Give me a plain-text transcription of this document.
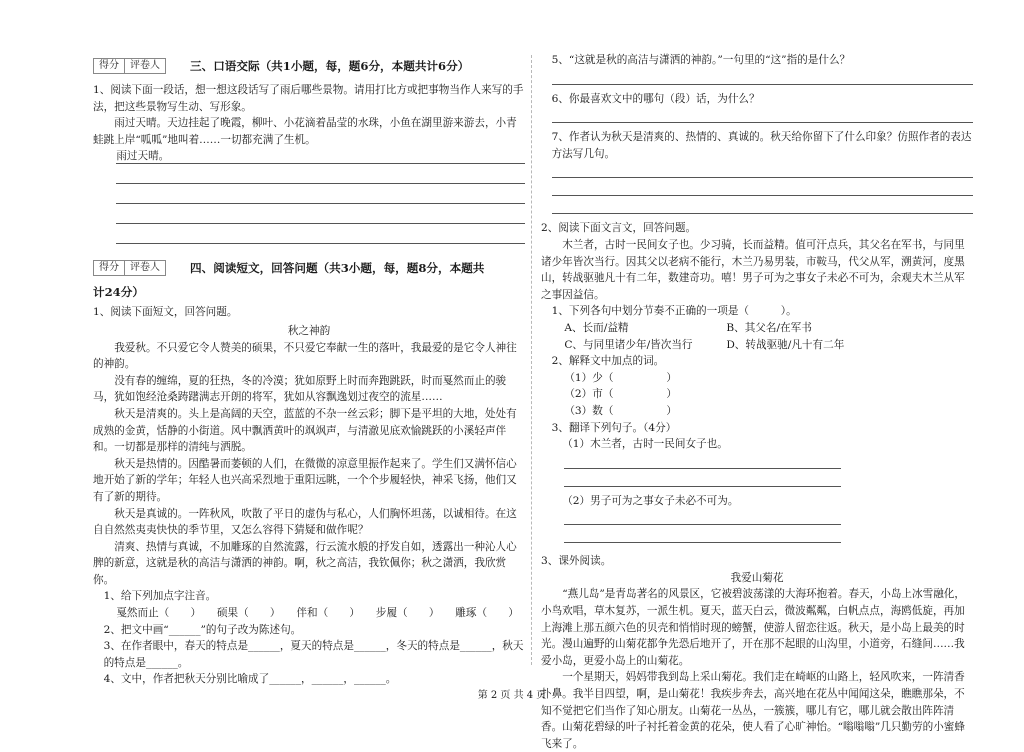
得分 评卷人	三、口语交际（共1小题，每，题6分，本题共计6分）

1、阅读下面一段话，想一想这段话写了雨后哪些景物。请用打比方或把事物当作人来写的手法，把这些景物写生动、写形象。

雨过天晴。天边挂起了晚霞，柳叶、小花滴着晶莹的水珠，小鱼在湖里游来游去，小青蛙跳上岸“呱呱”地叫着……一切都充满了生机。

雨过天晴。
得分 评卷人	四、阅读短文，回答问题（共3小题，每，题8分，本题共

计24分）

1、阅读下面短文，回答问题。

秋之神韵

我爱秋。不只爱它令人赞美的硕果，不只爱它奉献一生的落叶，我最爱的是它令人神往的神韵。

没有春的缠绵，夏的狂热，冬的冷漠；犹如原野上时而奔跑跳跃，时而戛然而止的骏马，犹如饱经沧桑踌躇满志开朗的将军，犹如从容飘逸划过夜空的流星……

秋天是清爽的。头上是高阔的天空，蓝蓝的不杂一丝云彩；脚下是平坦的大地，处处有成熟的金黄，恬静的小街道。风中飘洒黄叶的飒飒声，与清澈见底欢愉跳跃的小溪轻声伴和。一切都是那样的清纯与洒脱。

秋天是热情的。因酷暑而萎顿的人们，在微微的凉意里振作起来了。学生们又满怀信心地开始了新的学年；年轻人也兴高采烈地于重阳远眺，一个个步履轻快，神采飞扬，他们又有了新的期待。

秋天是真诚的。一阵秋风，吹散了平日的虚伪与私心，人们胸怀坦荡，以诚相待。在这自自然然夷夷快快的季节里，又怎么容得下猜疑和做作呢？

清爽、热情与真诚，不加雕琢的自然流露，行云流水般的抒发自如，透露出一种沁人心脾的新意，这就是秋的高洁与潇洒的神韵。啊，秋之高洁，我钦佩你；秋之潇洒，我欣赏你。

1、给下列加点字注音。

戛然而止（　　）　　硕果（　　）　　伴和（　　）　　步履（　　）　　雕琢（　　）

2、把文中画“______”的句子改为陈述句。

3、在作者眼中，春天的特点是______，夏天的特点是______，冬天的特点是______，秋天的特点是______。

4、文中，作者把秋天分别比喻成了______，______，______。

5、“这就是秋的高洁与潇洒的神韵。”一句里的“这”指的是什么？

6、你最喜欢文中的哪句（段）话，为什么？

7、作者认为秋天是清爽的、热情的、真诚的。秋天给你留下了什么印象？仿照作者的表达方法写几句。

2、阅读下面文言文，回答问题。

木兰者，古时一民间女子也。少习骑，长而益精。值可汗点兵，其父名在军书，与同里诸少年皆次当行。因其父以老病不能行，木兰乃易男装，市鞍马，代父从军，溯黄河，度黑山，转战驱驰凡十有二年，数建奇功。嘻！男子可为之事女子未必不可为，余观夫木兰从军之事因益信。

1、下列各句中划分节奏不正确的一项是（　　　）。

A、长而/益精	B、其父名/在军书
C、与同里诸少年/皆次当行	D、转战驱驰/凡十有二年

2、解释文中加点的词。

（1）少（　　　　　）

（2）市（　　　　　）

（3）数（　　　　　）

3、翻译下列句子。（4分）

（1）木兰者，古时一民间女子也。

（2）男子可为之事女子未必不可为。

3、课外阅读。

我爱山菊花

“燕儿岛”是青岛著名的风景区，它被碧波荡漾的大海环抱着。春天，小岛上冰雪融化，小鸟欢唱，草木复苏，一派生机。夏天，蓝天白云，微波粼粼，白帆点点，海鸥低旋，再加上海滩上那五颜六色的贝壳和悄悄时现的螃蟹，使游人留恋往返。秋天，是小岛上最美的时光。漫山遍野的山菊花都争先恐后地开了，开在那不起眼的山沟里，小道旁，石缝间……我爱小岛，更爱小岛上的山菊花。

一个星期天，妈妈带我到岛上采山菊花。我们走在崎岖的山路上，轻风吹来，一阵清香扑鼻。我半目四望，啊，是山菊花！我疾步奔去，高兴地在花丛中闻闻这朵，瞧瞧那朵，不知不觉把它们当作了知心朋友。山菊花一丛丛，一簇簇，哪儿有它，哪儿就会散出阵阵清香。山菊花碧绿的叶子衬托着金黄的花朵，使人看了心旷神怡。“嗡嗡嗡”几只勤劳的小蜜蜂飞来了。

第 2 页 共 4 页
